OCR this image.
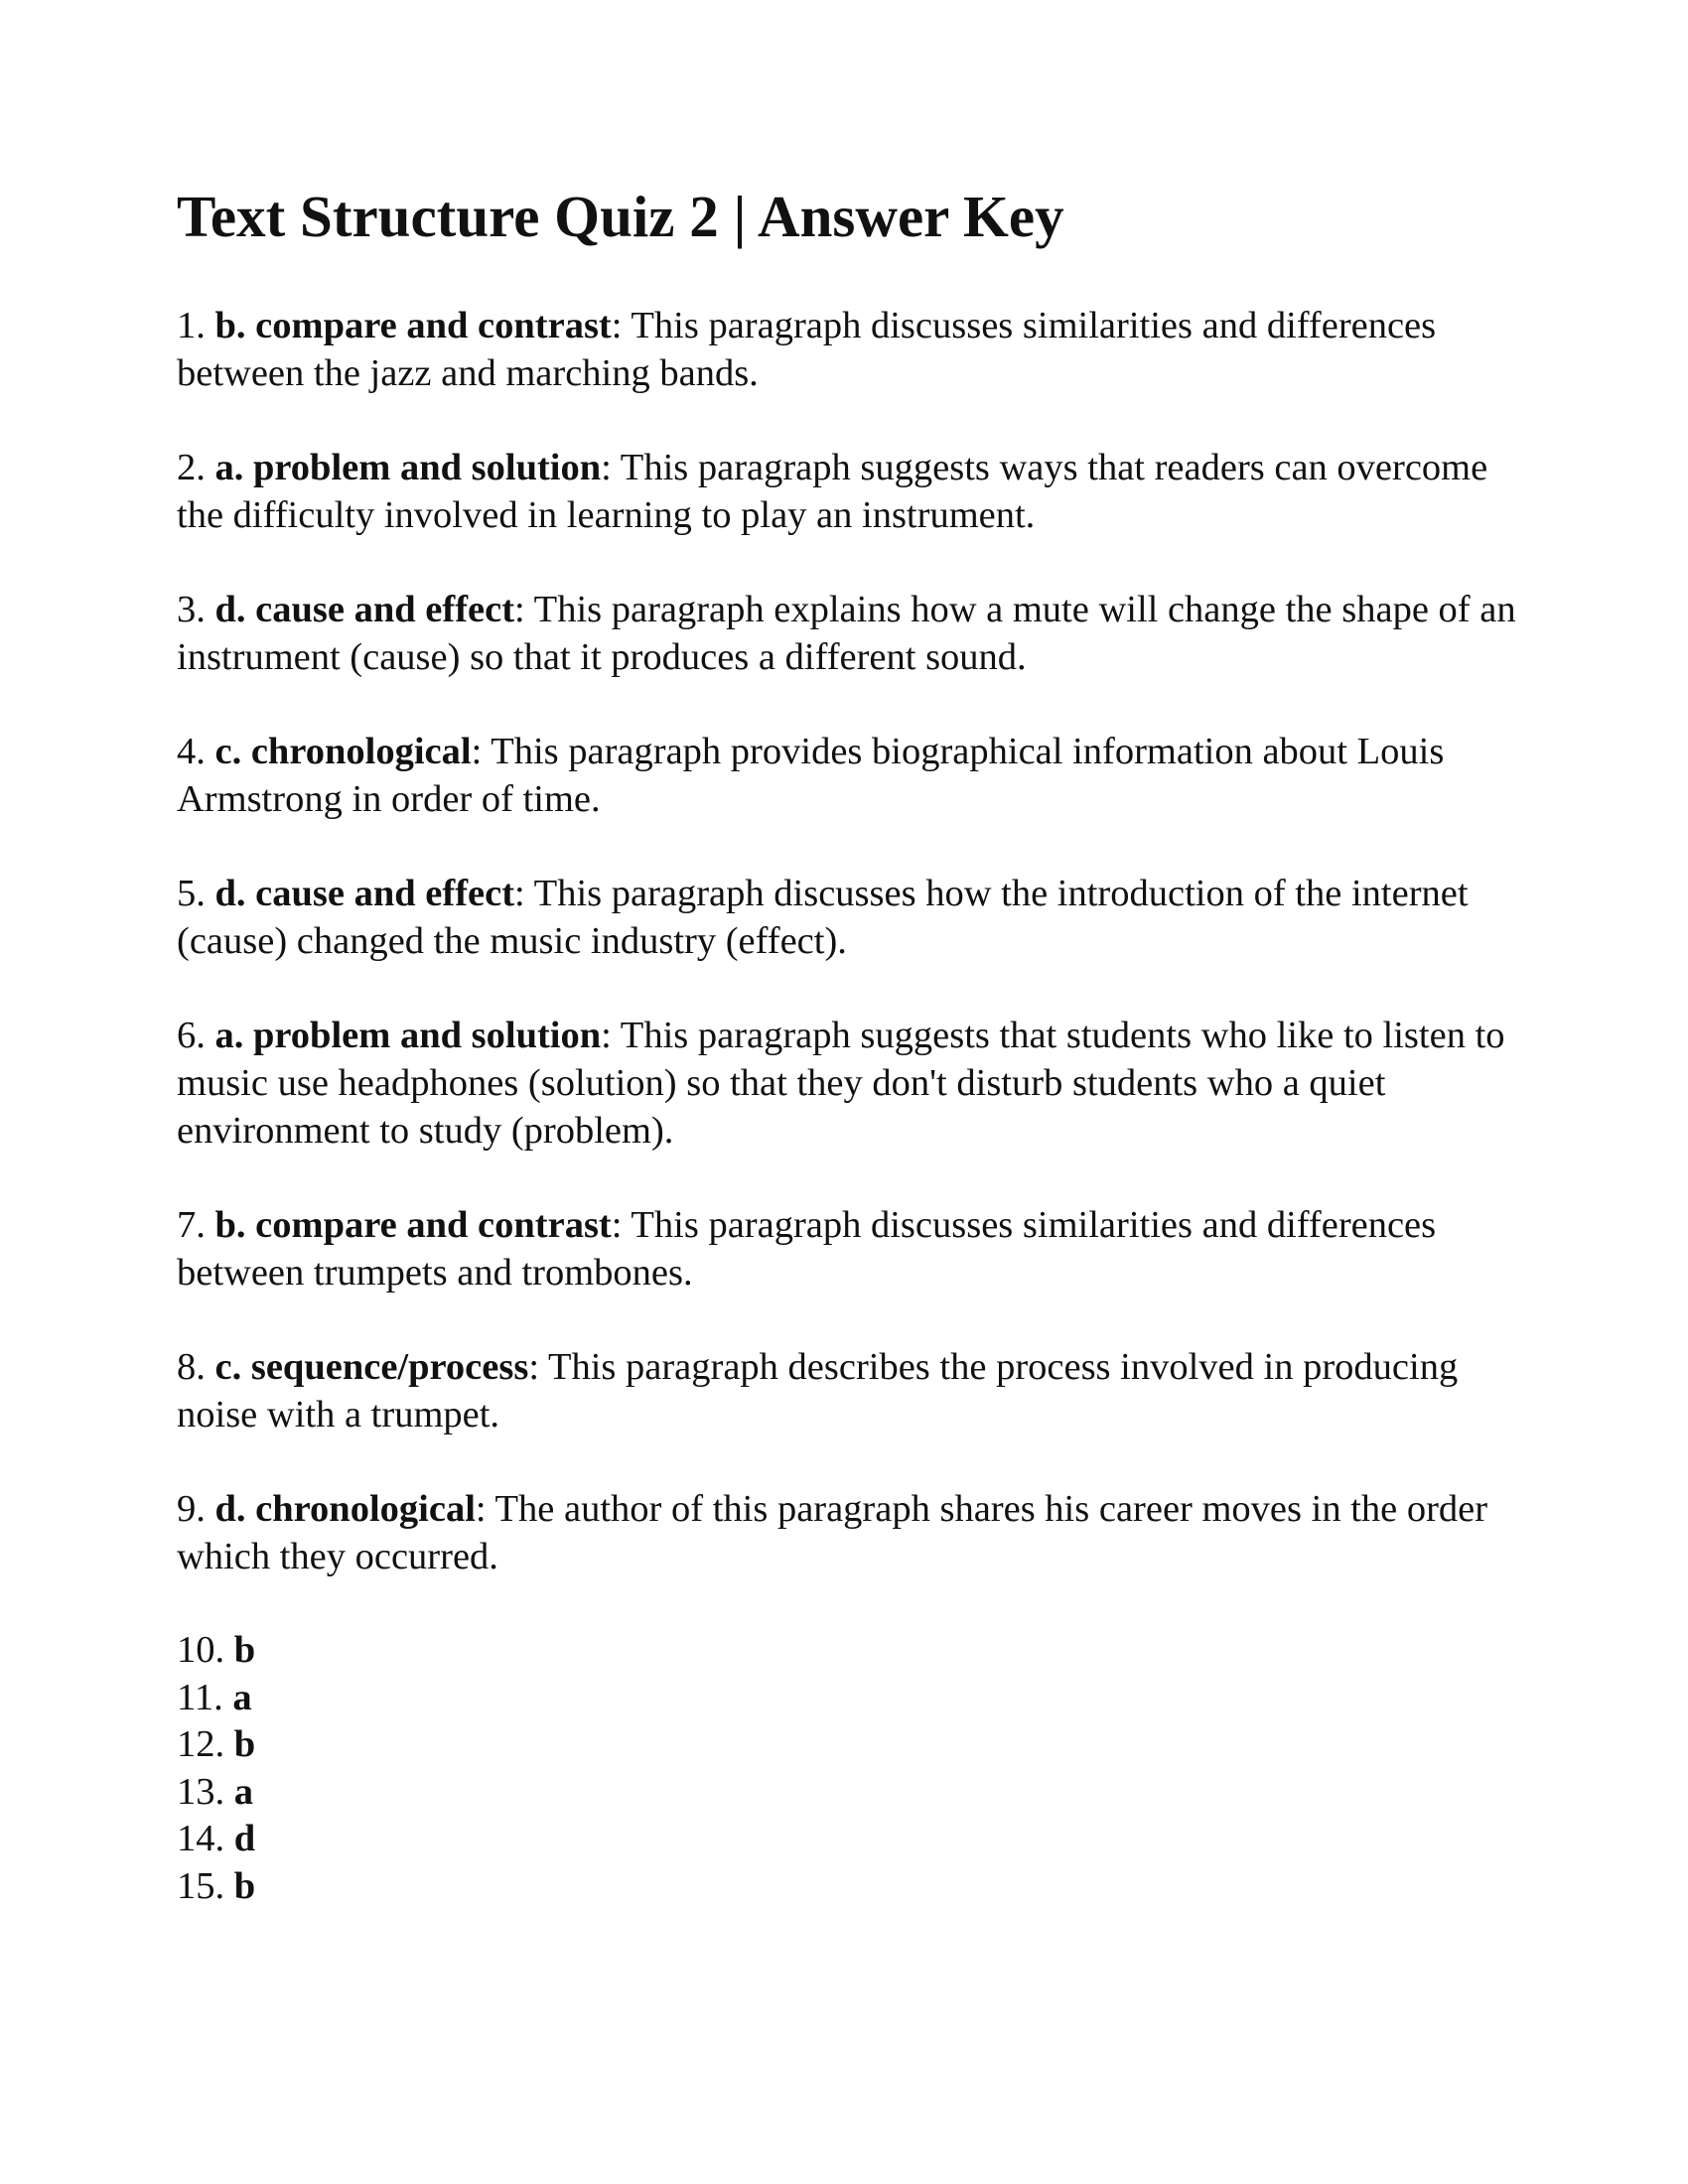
Text Structure Quiz 2 | Answer Key

1. b. compare and contrast: This paragraph discusses similarities and differences between the jazz and marching bands.

2. a. problem and solution: This paragraph suggests ways that readers can overcome the difficulty involved in learning to play an instrument.

3. d. cause and effect: This paragraph explains how a mute will change the shape of an instrument (cause) so that it produces a different sound.

4. c. chronological: This paragraph provides biographical information about Louis Armstrong in order of time.

5. d. cause and effect: This paragraph discusses how the introduction of the internet (cause) changed the music industry (effect).

6. a. problem and solution: This paragraph suggests that students who like to listen to music use headphones (solution) so that they don't disturb students who a quiet environment to study (problem).

7. b. compare and contrast: This paragraph discusses similarities and differences between trumpets and trombones.

8. c. sequence/process: This paragraph describes the process involved in producing noise with a trumpet.

9. d. chronological: The author of this paragraph shares his career moves in the order which they occurred.

10. b
11. a
12. b
13. a
14. d
15. b
